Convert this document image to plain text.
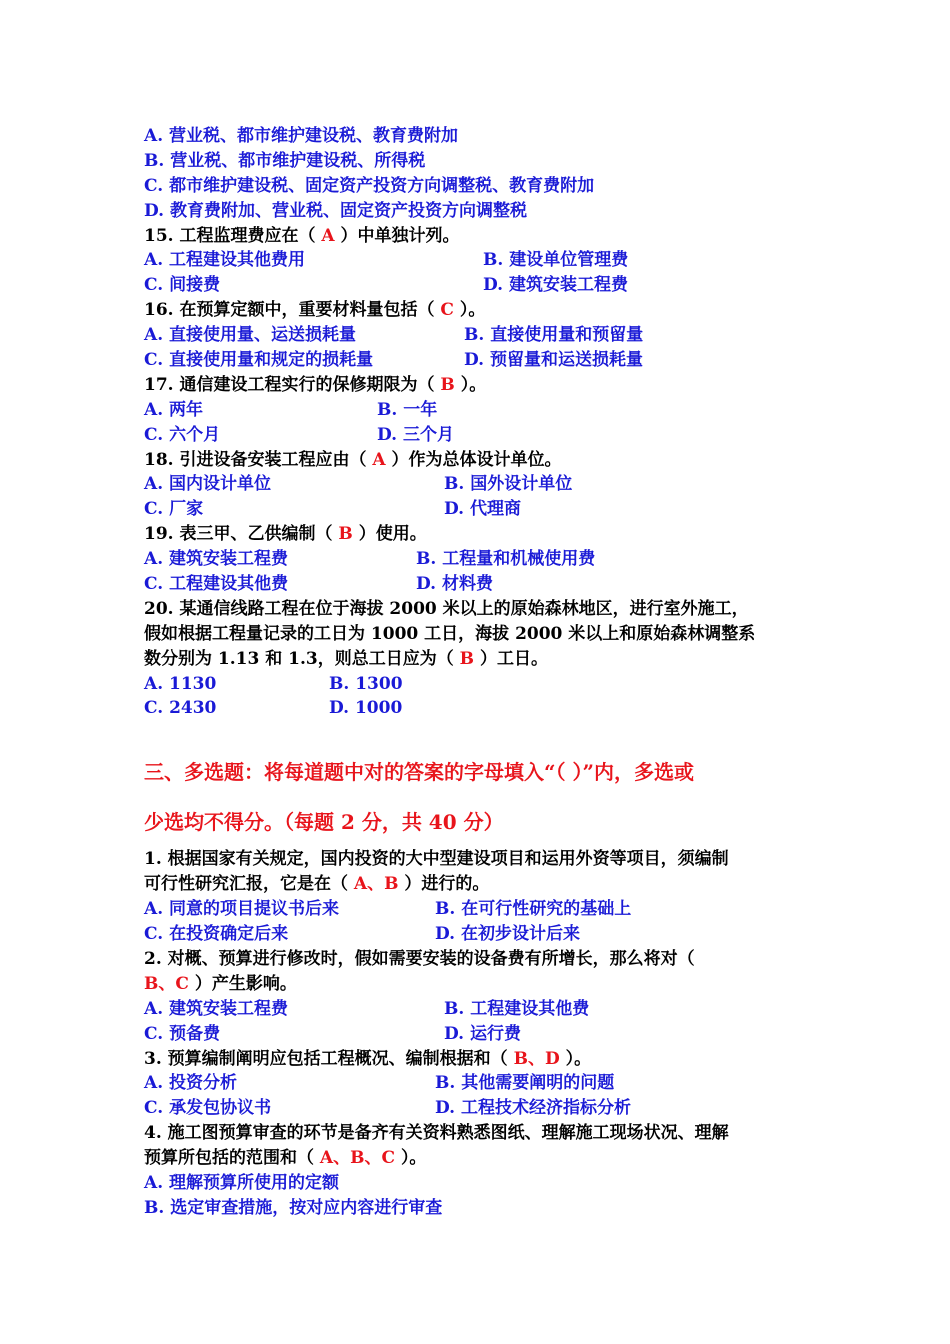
A. 营业税、都市维护建设税、教育费附加
B. 营业税、都市维护建设税、所得税
C. 都市维护建设税、固定资产投资方向调整税、教育费附加
D. 教育费附加、营业税、固定资产投资方向调整税
15. 工程监理费应在（ A ）中单独计列。
A. 工程建设其他费用	B. 建设单位管理费
C. 间接费	D. 建筑安装工程费
16. 在预算定额中，重要材料量包括（ C ）。
A. 直接使用量、运送损耗量	B. 直接使用量和预留量
C. 直接使用量和规定的损耗量	D. 预留量和运送损耗量
17. 通信建设工程实行的保修期限为（ B ）。
A. 两年	B. 一年
C. 六个月	D. 三个月
18. 引进设备安装工程应由（ A ）作为总体设计单位。
A. 国内设计单位	B. 国外设计单位
C. 厂家	D. 代理商
19. 表三甲、乙供编制（ B ）使用。
A. 建筑安装工程费	B. 工程量和机械使用费
C. 工程建设其他费	D. 材料费
20. 某通信线路工程在位于海拔 2000 米以上的原始森林地区，进行室外施工，
假如根据工程量记录的工日为 1000 工日，海拔 2000 米以上和原始森林调整系
数分别为 1.13 和 1.3，则总工日应为（ B ）工日。
A. 1130	B. 1300
C. 2430	D. 1000
三、多选题：将每道题中对的答案的字母填入“（ ）”内，多选或
少选均不得分。（每题 2 分，共 40 分）
1. 根据国家有关规定，国内投资的大中型建设项目和运用外资等项目，须编制
可行性研究汇报，它是在（ A、B ）进行的。
A. 同意的项目提议书后来	B. 在可行性研究的基础上
C. 在投资确定后来	D. 在初步设计后来
2. 对概、预算进行修改时，假如需要安装的设备费有所增长，那么将对（
B、C ）产生影响。
A. 建筑安装工程费	B. 工程建设其他费
C. 预备费	D. 运行费
3. 预算编制阐明应包括工程概况、编制根据和（ B、D ）。
A. 投资分析	B. 其他需要阐明的问题
C. 承发包协议书	D. 工程技术经济指标分析
4. 施工图预算审查的环节是备齐有关资料熟悉图纸、理解施工现场状况、理解
预算所包括的范围和（ A、B、C ）。
A. 理解预算所使用的定额
B. 选定审查措施，按对应内容进行审查
